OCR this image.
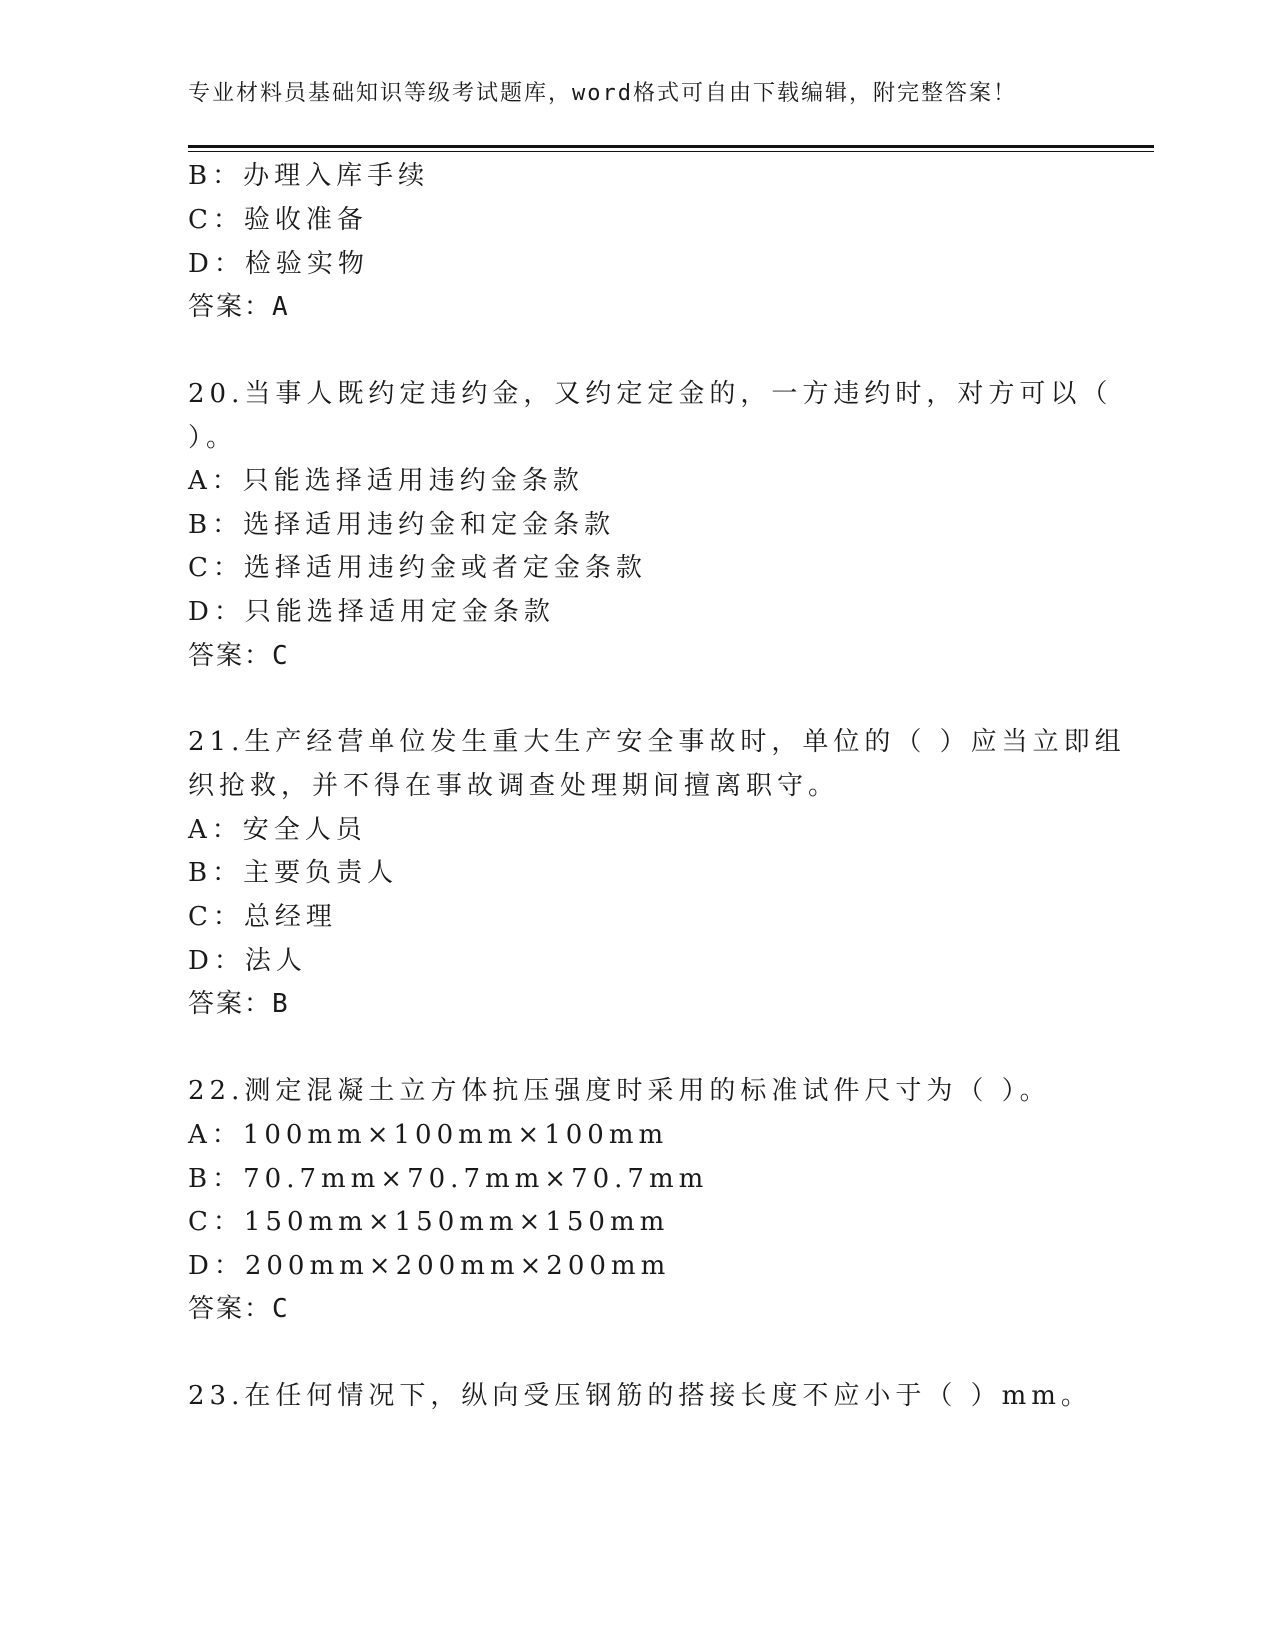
专业材料员基础知识等级考试题库，word格式可自由下载编辑，附完整答案！
B：办理入库手续
C：验收准备
D：检验实物
答案：A
20.当事人既约定违约金，又约定定金的，一方违约时，对方可以（
）。
A：只能选择适用违约金条款
B：选择适用违约金和定金条款
C：选择适用违约金或者定金条款
D：只能选择适用定金条款
答案：C
21.生产经营单位发生重大生产安全事故时，单位的（ ）应当立即组
织抢救，并不得在事故调查处理期间擅离职守。
A：安全人员
B：主要负责人
C：总经理
D：法人
答案：B
22.测定混凝土立方体抗压强度时采用的标准试件尺寸为（ ）。
A：100mm×100mm×100mm
B：70.7mm×70.7mm×70.7mm
C：150mm×150mm×150mm
D：200mm×200mm×200mm
答案：C
23.在任何情况下，纵向受压钢筋的搭接长度不应小于（ ）mm。
